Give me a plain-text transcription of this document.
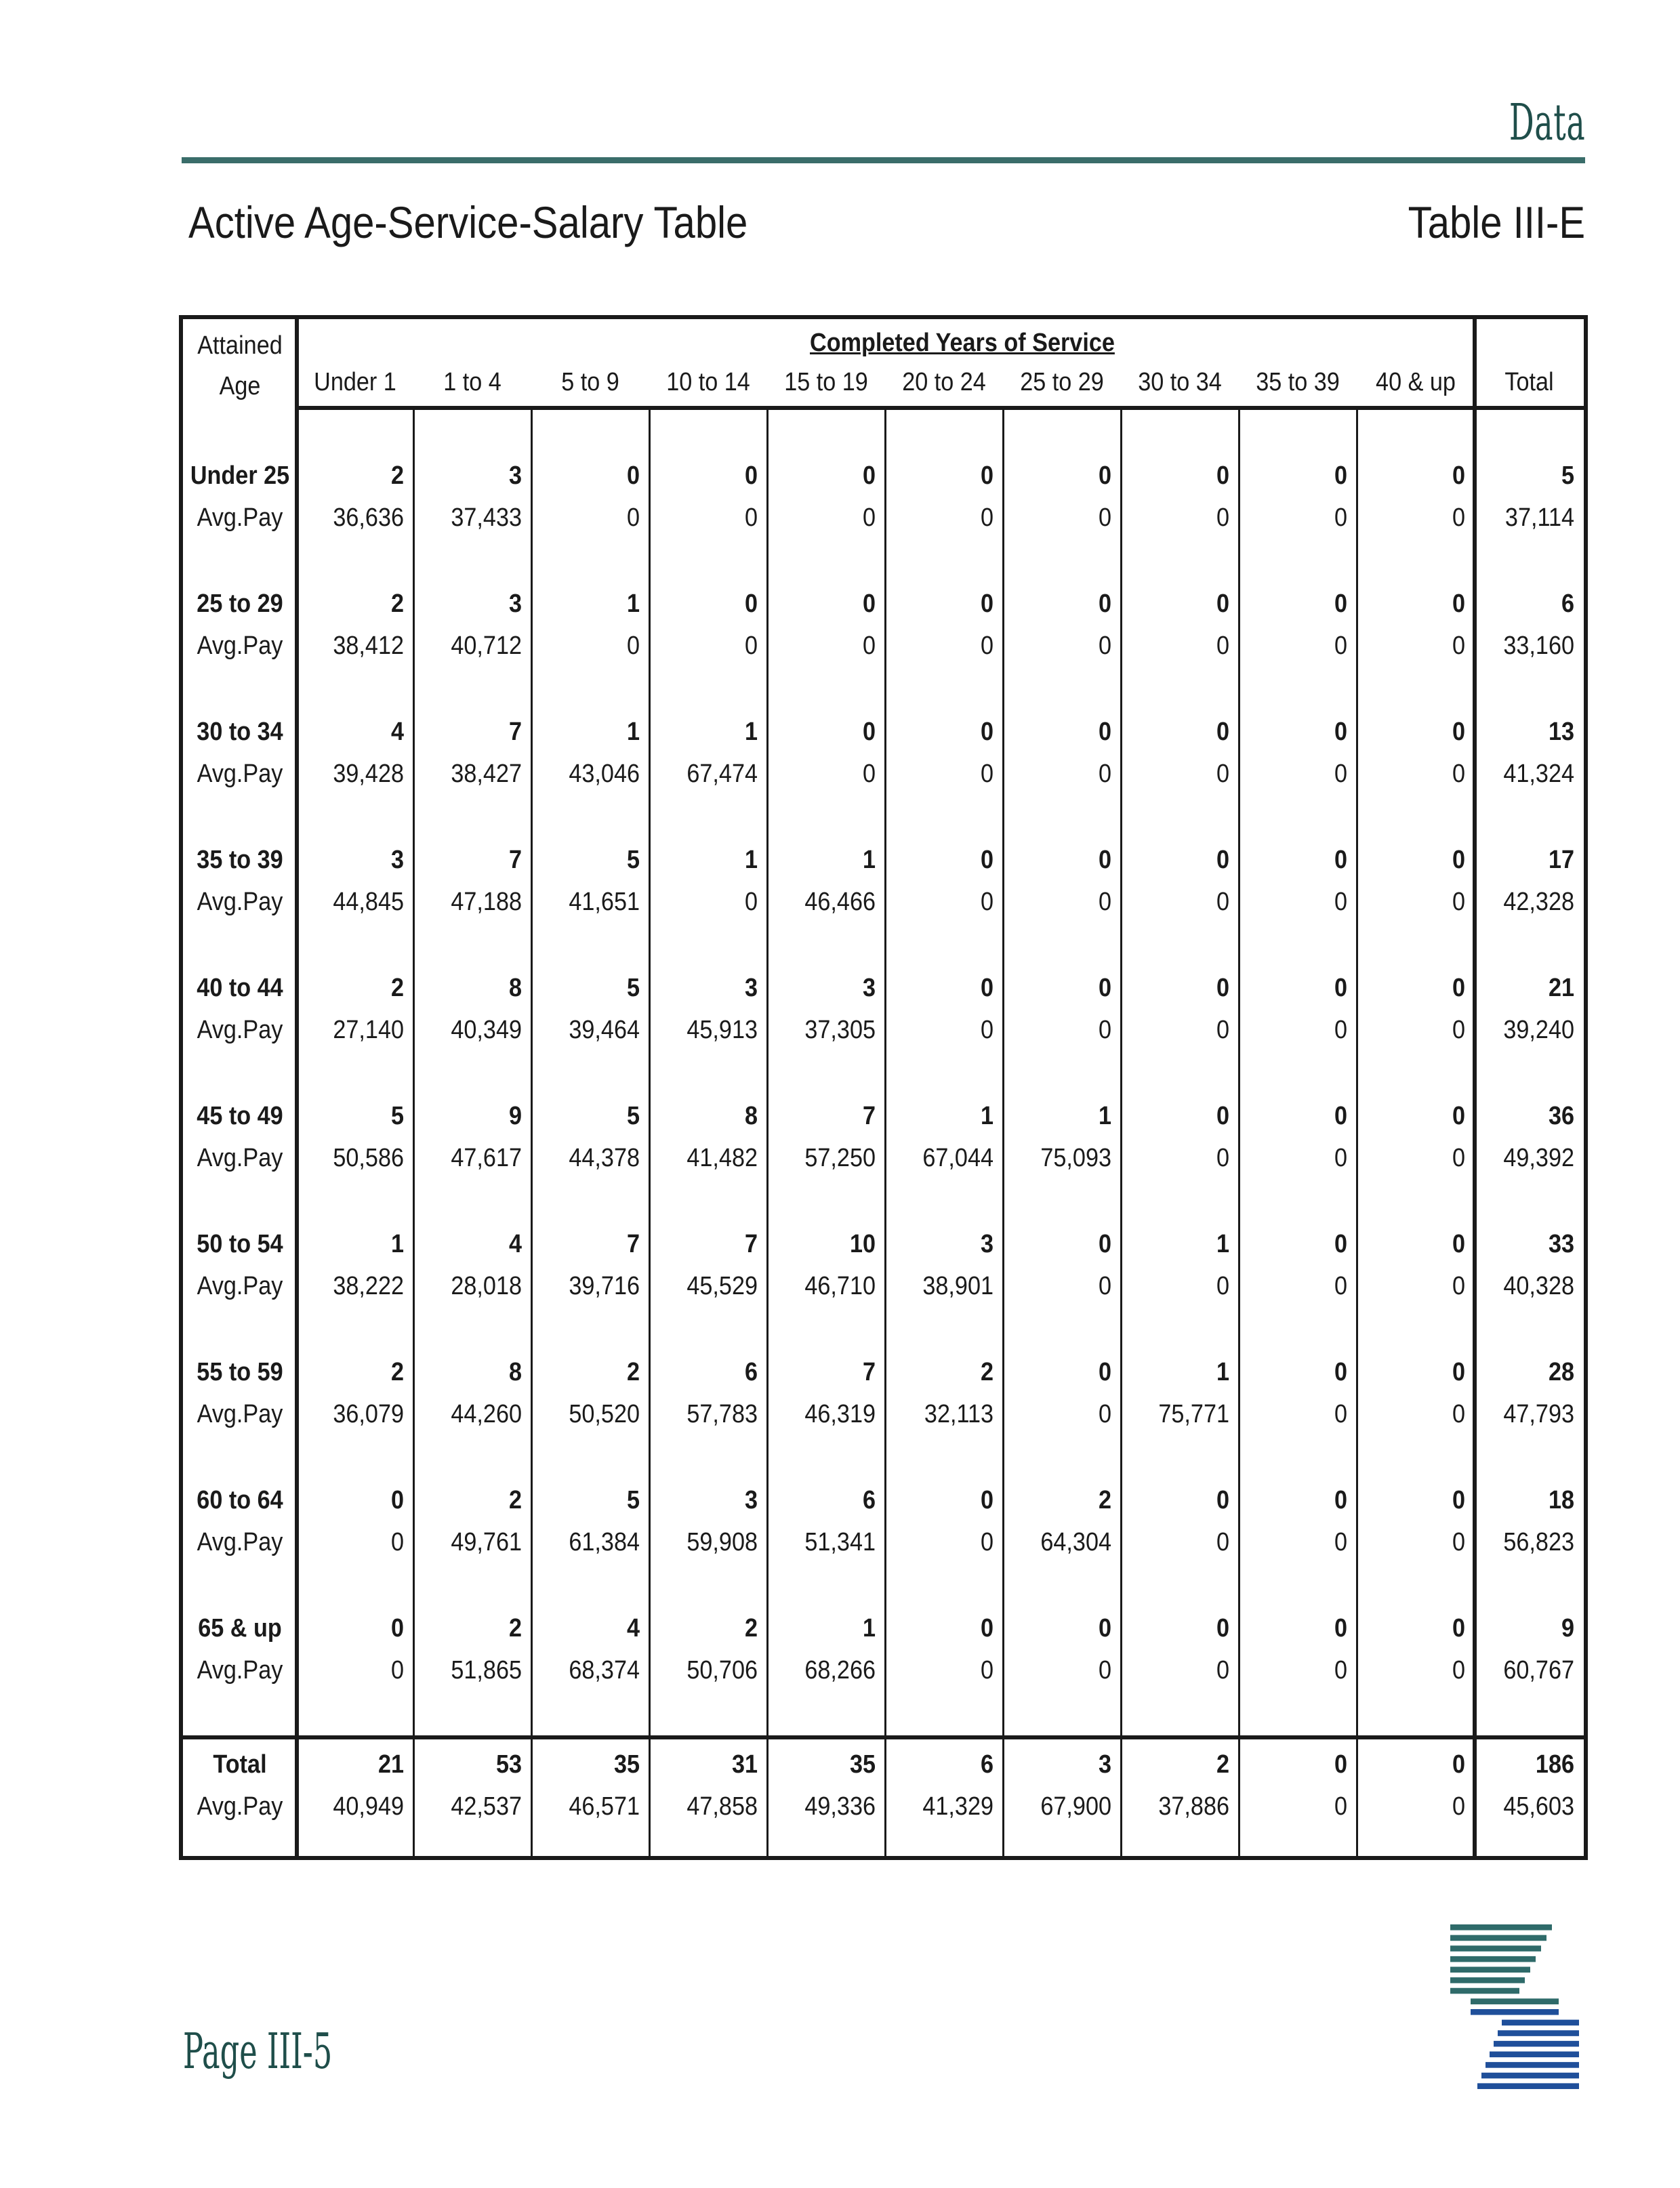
Data
Active Age-Service-Salary Table	Table III-E
Attained
Age
Completed Years of Service
Under 1	1 to 4	5 to 9	10 to 14	15 to 19	20 to 24	25 to 29	30 to 34	35 to 39	40 & up	Total
Under 25
Avg.Pay
2	3	0	0	0	0	0	0	0	0	5
36,636	37,433	0	0	0	0	0	0	0	0	37,114
25 to 29
Avg.Pay
2	3	1	0	0	0	0	0	0	0	6
38,412	40,712	0	0	0	0	0	0	0	0	33,160
30 to 34
Avg.Pay
4	7	1	1	0	0	0	0	0	0	13
39,428	38,427	43,046	67,474	0	0	0	0	0	0	41,324
35 to 39
Avg.Pay
3	7	5	1	1	0	0	0	0	0	17
44,845	47,188	41,651	0	46,466	0	0	0	0	0	42,328
40 to 44
Avg.Pay
2	8	5	3	3	0	0	0	0	0	21
27,140	40,349	39,464	45,913	37,305	0	0	0	0	0	39,240
45 to 49
Avg.Pay
5	9	5	8	7	1	1	0	0	0	36
50,586	47,617	44,378	41,482	57,250	67,044	75,093	0	0	0	49,392
50 to 54
Avg.Pay
1	4	7	7	10	3	0	1	0	0	33
38,222	28,018	39,716	45,529	46,710	38,901	0	0	0	0	40,328
55 to 59
Avg.Pay
2	8	2	6	7	2	0	1	0	0	28
36,079	44,260	50,520	57,783	46,319	32,113	0	75,771	0	0	47,793
60 to 64
Avg.Pay
0	2	5	3	6	0	2	0	0	0	18
0	49,761	61,384	59,908	51,341	0	64,304	0	0	0	56,823
65 & up
Avg.Pay
0	2	4	2	1	0	0	0	0	0	9
0	51,865	68,374	50,706	68,266	0	0	0	0	0	60,767
Total
Avg.Pay
21	53	35	31	35	6	3	2	0	0	186
40,949	42,537	46,571	47,858	49,336	41,329	67,900	37,886	0	0	45,603
Page III-5
